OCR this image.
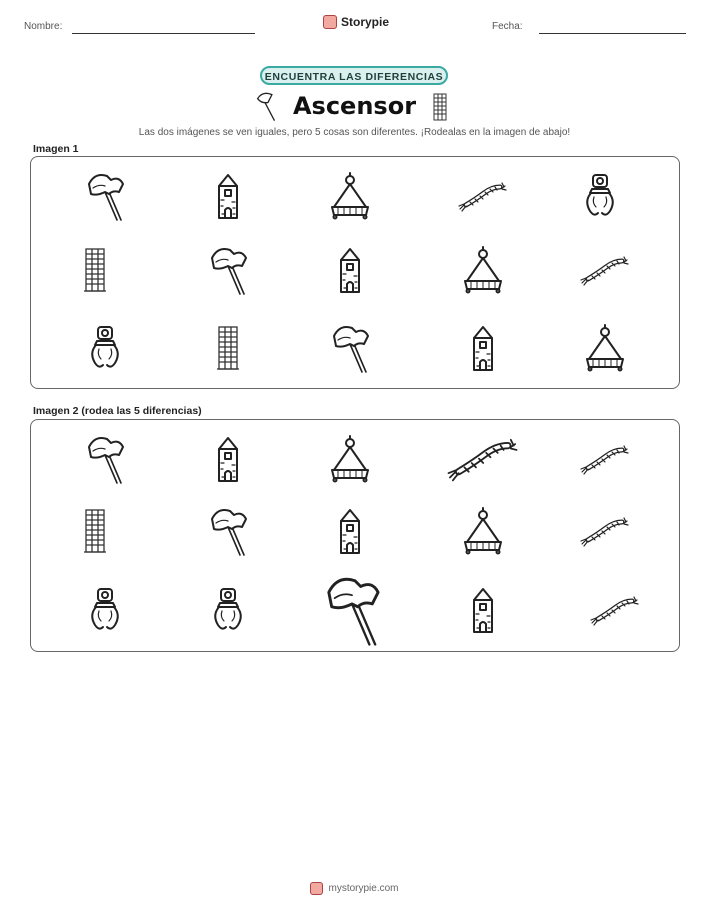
Nombre:	Storypie	Fecha:
ENCUENTRA LAS DIFERENCIAS
Ascensor
Las dos imágenes se ven iguales, pero 5 cosas son diferentes. ¡Rodealas en la imagen de abajo!
Imagen 1
Imagen 2 (rodea las 5 diferencias)
mystorypie.com
